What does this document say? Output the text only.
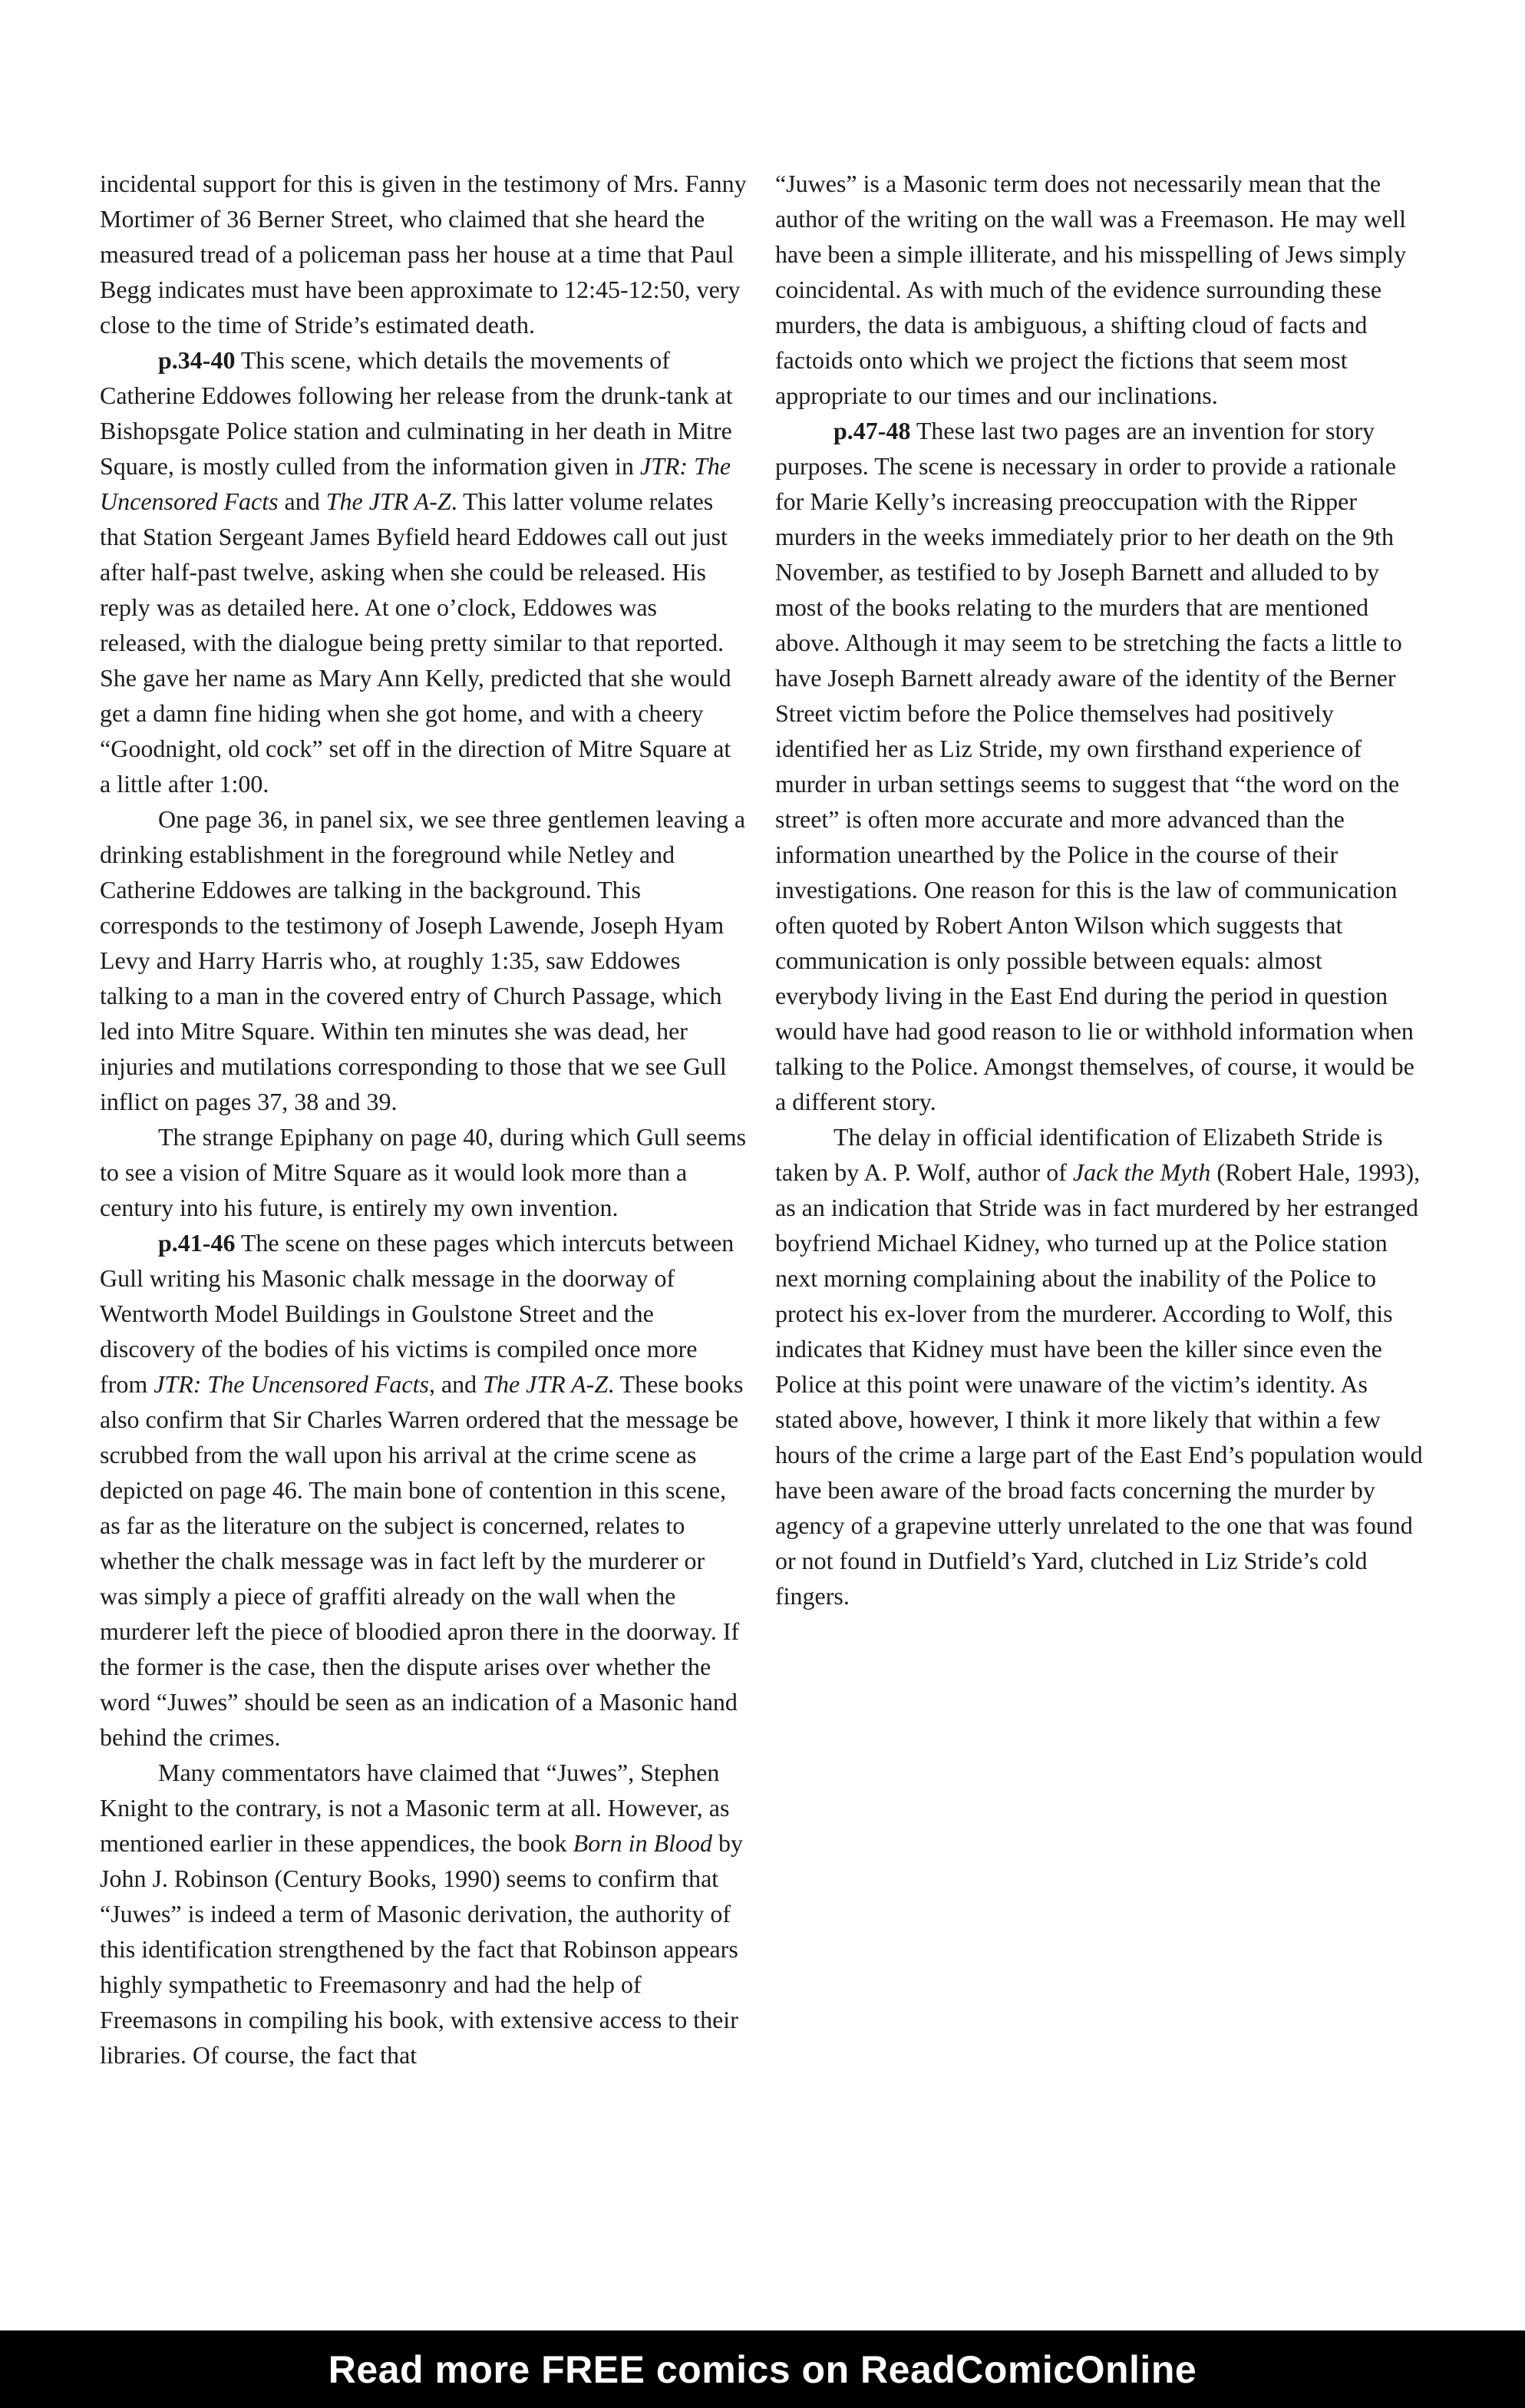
incidental support for this is given in the testimony of Mrs. Fanny Mortimer of 36 Berner Street, who claimed that she heard the measured tread of a policeman pass her house at a time that Paul Begg indicates must have been approximate to 12:45-12:50, very close to the time of Stride’s estimated death.

p.34-40 This scene, which details the movements of Catherine Eddowes following her release from the drunk-tank at Bishopsgate Police station and culminating in her death in Mitre Square, is mostly culled from the information given in JTR: The Uncensored Facts and The JTR A-Z. This latter volume relates that Station Sergeant James Byfield heard Eddowes call out just after half-past twelve, asking when she could be released. His reply was as detailed here. At one o’clock, Eddowes was released, with the dialogue being pretty similar to that reported. She gave her name as Mary Ann Kelly, predicted that she would get a damn fine hiding when she got home, and with a cheery “Goodnight, old cock” set off in the direction of Mitre Square at a little after 1:00.

One page 36, in panel six, we see three gentlemen leaving a drinking establishment in the foreground while Netley and Catherine Eddowes are talking in the background. This corresponds to the testimony of Joseph Lawende, Joseph Hyam Levy and Harry Harris who, at roughly 1:35, saw Eddowes talking to a man in the covered entry of Church Passage, which led into Mitre Square. Within ten minutes she was dead, her injuries and mutilations corresponding to those that we see Gull inflict on pages 37, 38 and 39.

The strange Epiphany on page 40, during which Gull seems to see a vision of Mitre Square as it would look more than a century into his future, is entirely my own invention.

p.41-46 The scene on these pages which intercuts between Gull writing his Masonic chalk message in the doorway of Wentworth Model Buildings in Goulstone Street and the discovery of the bodies of his victims is compiled once more from JTR: The Uncensored Facts, and The JTR A-Z. These books also confirm that Sir Charles Warren ordered that the message be scrubbed from the wall upon his arrival at the crime scene as depicted on page 46. The main bone of contention in this scene, as far as the literature on the subject is concerned, relates to whether the chalk message was in fact left by the murderer or was simply a piece of graffiti already on the wall when the murderer left the piece of bloodied apron there in the doorway. If the former is the case, then the dispute arises over whether the word “Juwes” should be seen as an indication of a Masonic hand behind the crimes.

Many commentators have claimed that “Juwes”, Stephen Knight to the contrary, is not a Masonic term at all. However, as mentioned earlier in these appendices, the book Born in Blood by John J. Robinson (Century Books, 1990) seems to confirm that “Juwes” is indeed a term of Masonic derivation, the authority of this identification strengthened by the fact that Robinson appears highly sympathetic to Freemasonry and had the help of Freemasons in compiling his book, with extensive access to their libraries. Of course, the fact that

“Juwes” is a Masonic term does not necessarily mean that the author of the writing on the wall was a Freemason. He may well have been a simple illiterate, and his misspelling of Jews simply coincidental. As with much of the evidence surrounding these murders, the data is ambiguous, a shifting cloud of facts and factoids onto which we project the fictions that seem most appropriate to our times and our inclinations.

p.47-48 These last two pages are an invention for story purposes. The scene is necessary in order to provide a rationale for Marie Kelly’s increasing preoccupation with the Ripper murders in the weeks immediately prior to her death on the 9th November, as testified to by Joseph Barnett and alluded to by most of the books relating to the murders that are mentioned above. Although it may seem to be stretching the facts a little to have Joseph Barnett already aware of the identity of the Berner Street victim before the Police themselves had positively identified her as Liz Stride, my own firsthand experience of murder in urban settings seems to suggest that “the word on the street” is often more accurate and more advanced than the information unearthed by the Police in the course of their investigations. One reason for this is the law of communication often quoted by Robert Anton Wilson which suggests that communication is only possible between equals: almost everybody living in the East End during the period in question would have had good reason to lie or withhold information when talking to the Police. Amongst themselves, of course, it would be a different story.

The delay in official identification of Elizabeth Stride is taken by A. P. Wolf, author of Jack the Myth (Robert Hale, 1993), as an indication that Stride was in fact murdered by her estranged boyfriend Michael Kidney, who turned up at the Police station next morning complaining about the inability of the Police to protect his ex-lover from the murderer. According to Wolf, this indicates that Kidney must have been the killer since even the Police at this point were unaware of the victim’s identity. As stated above, however, I think it more likely that within a few hours of the crime a large part of the East End’s population would have been aware of the broad facts concerning the murder by agency of a grapevine utterly unrelated to the one that was found or not found in Dutfield’s Yard, clutched in Liz Stride’s cold fingers.

Read more FREE comics on ReadComicOnline
